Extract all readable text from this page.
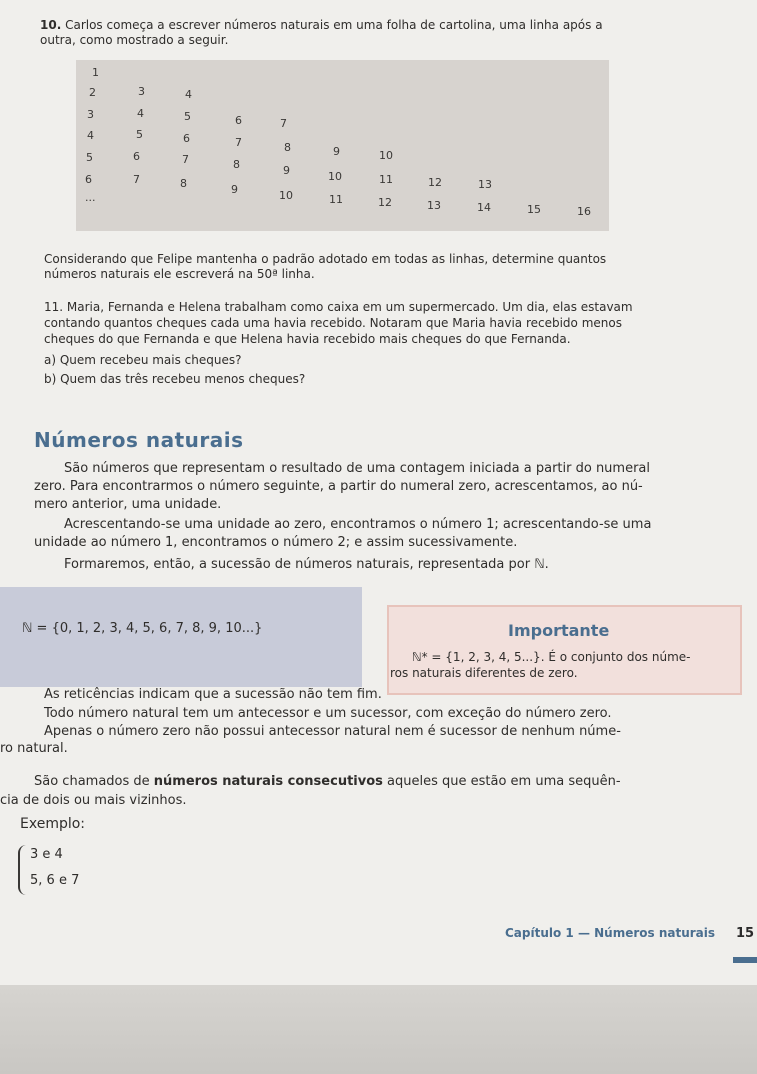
10. Carlos começa a escrever números naturais em uma folha de cartolina, uma linha após a
outra, como mostrado a seguir.
1
2	3	4
3	4	5	6	7
4	5	6	7	8	9	10
5	6	7	8	9	10	11	12	13
6	7	8	9	10	11	12	13	14	15	16
...
Considerando que Felipe mantenha o padrão adotado em todas as linhas, determine quantos
números naturais ele escreverá na 50ª linha.
11. Maria, Fernanda e Helena trabalham como caixa em um supermercado. Um dia, elas estavam
contando quantos cheques cada uma havia recebido. Notaram que Maria havia recebido menos
cheques do que Fernanda e que Helena havia recebido mais cheques do que Fernanda.
a) Quem recebeu mais cheques?
b) Quem das três recebeu menos cheques?
Números naturais
São números que representam o resultado de uma contagem iniciada a partir do numeral
zero. Para encontrarmos o número seguinte, a partir do numeral zero, acrescentamos, ao nú-
mero anterior, uma unidade.
Acrescentando-se uma unidade ao zero, encontramos o número 1; acrescentando-se uma
unidade ao número 1, encontramos o número 2; e assim sucessivamente.
Formaremos, então, a sucessão de números naturais, representada por ℕ.
ℕ = {0, 1, 2, 3, 4, 5, 6, 7, 8, 9, 10...}	Importante
ℕ* = {1, 2, 3, 4, 5...}. É o conjunto dos núme-
ros naturais diferentes de zero.
As reticências indicam que a sucessão não tem fim.
Todo número natural tem um antecessor e um sucessor, com exceção do número zero.
Apenas o número zero não possui antecessor natural nem é sucessor de nenhum núme-
ro natural.
São chamados de números naturais consecutivos aqueles que estão em uma sequên-
cia de dois ou mais vizinhos.
Exemplo:
3 e 4
5, 6 e 7
Capítulo 1 — Números naturais 15
